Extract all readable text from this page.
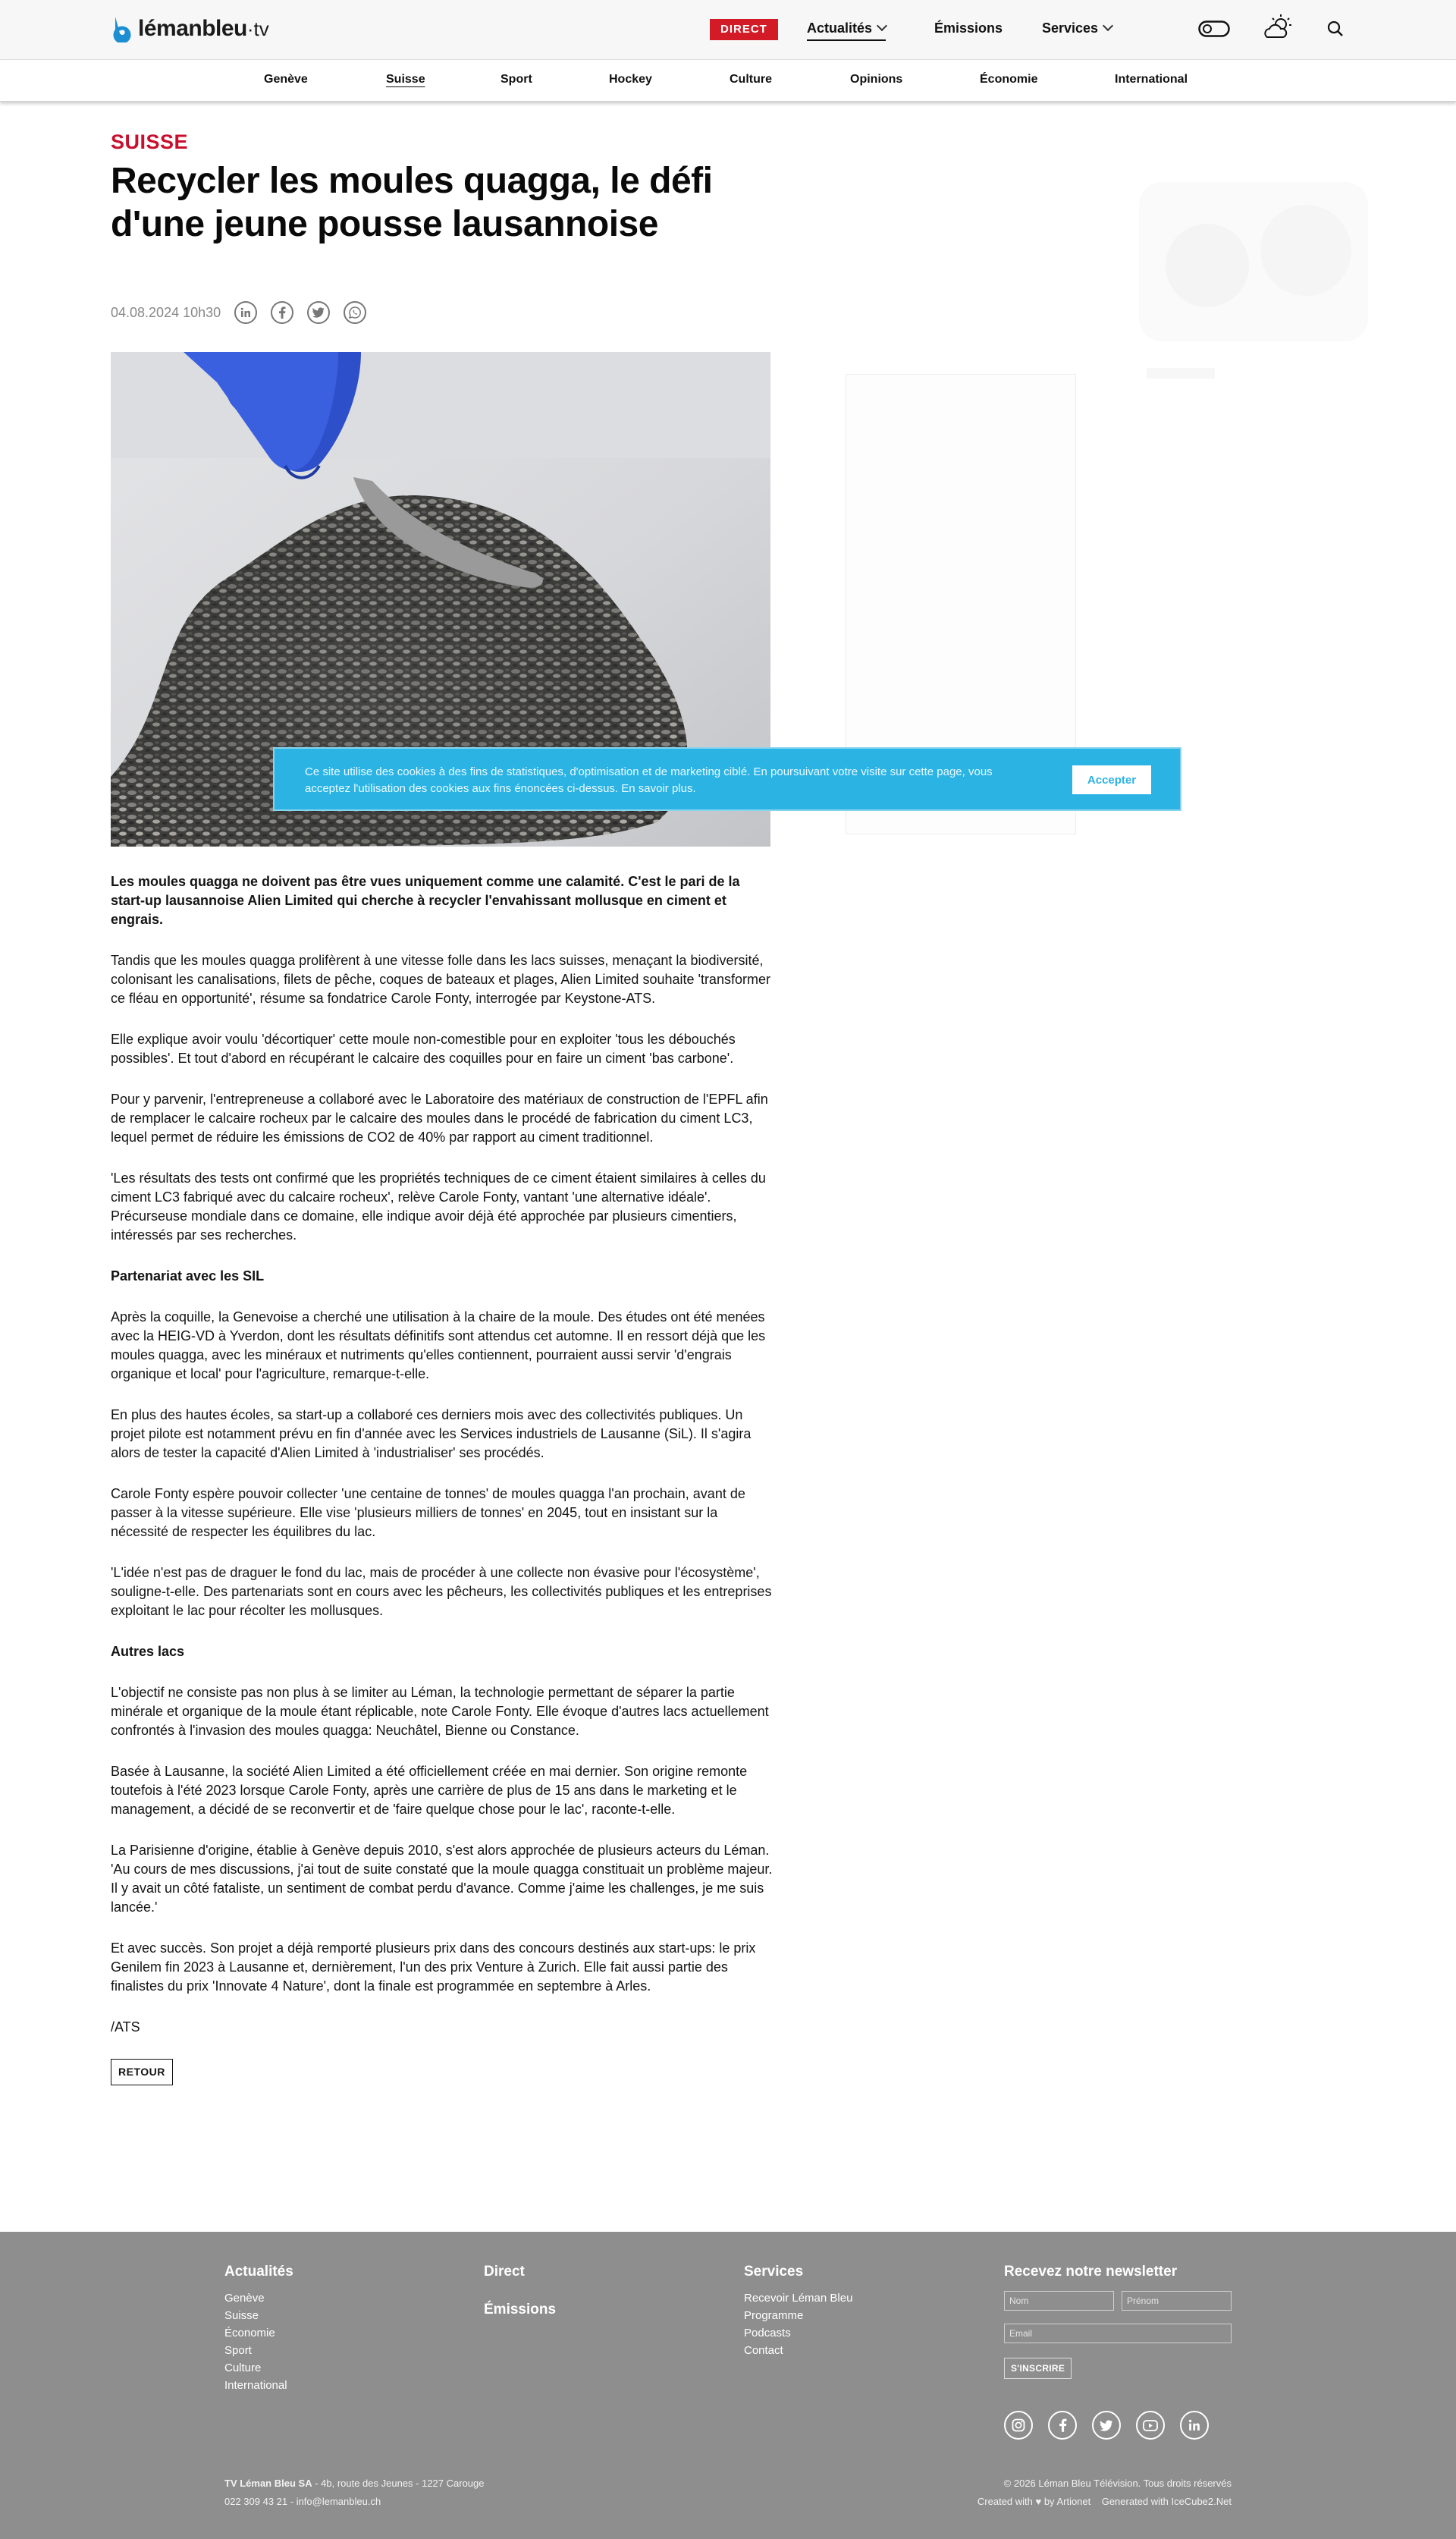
lémanbleu ·tv	DIRECT	Actualités	Émissions	Services
Genève	Suisse	Sport	Hockey	Culture	Opinions	Économie	International
SUISSE
Recycler les moules quagga, le défi d'une jeune pousse lausannoise
04.08.2024 10h30

Les moules quagga ne doivent pas être vues uniquement comme une calamité. C'est le pari de la start-up lausannoise Alien Limited qui cherche à recycler l'envahissant mollusque en ciment et engrais.

Tandis que les moules quagga prolifèrent à une vitesse folle dans les lacs suisses, menaçant la biodiversité, colonisant les canalisations, filets de pêche, coques de bateaux et plages, Alien Limited souhaite 'transformer ce fléau en opportunité', résume sa fondatrice Carole Fonty, interrogée par Keystone-ATS.

Elle explique avoir voulu 'décortiquer' cette moule non-comestible pour en exploiter 'tous les débouchés possibles'. Et tout d'abord en récupérant le calcaire des coquilles pour en faire un ciment 'bas carbone'.

Pour y parvenir, l'entrepreneuse a collaboré avec le Laboratoire des matériaux de construction de l'EPFL afin de remplacer le calcaire rocheux par le calcaire des moules dans le procédé de fabrication du ciment LC3, lequel permet de réduire les émissions de CO2 de 40% par rapport au ciment traditionnel.

'Les résultats des tests ont confirmé que les propriétés techniques de ce ciment étaient similaires à celles du ciment LC3 fabriqué avec du calcaire rocheux', relève Carole Fonty, vantant 'une alternative idéale'. Précurseuse mondiale dans ce domaine, elle indique avoir déjà été approchée par plusieurs cimentiers, intéressés par ses recherches.

Partenariat avec les SIL

Après la coquille, la Genevoise a cherché une utilisation à la chaire de la moule. Des études ont été menées avec la HEIG-VD à Yverdon, dont les résultats définitifs sont attendus cet automne. Il en ressort déjà que les moules quagga, avec les minéraux et nutriments qu'elles contiennent, pourraient aussi servir 'd'engrais organique et local' pour l'agriculture, remarque-t-elle.

En plus des hautes écoles, sa start-up a collaboré ces derniers mois avec des collectivités publiques. Un projet pilote est notamment prévu en fin d'année avec les Services industriels de Lausanne (SiL). Il s'agira alors de tester la capacité d'Alien Limited à 'industrialiser' ses procédés.

Carole Fonty espère pouvoir collecter 'une centaine de tonnes' de moules quagga l'an prochain, avant de passer à la vitesse supérieure. Elle vise 'plusieurs milliers de tonnes' en 2045, tout en insistant sur la nécessité de respecter les équilibres du lac.

'L'idée n'est pas de draguer le fond du lac, mais de procéder à une collecte non évasive pour l'écosystème', souligne-t-elle. Des partenariats sont en cours avec les pêcheurs, les collectivités publiques et les entreprises exploitant le lac pour récolter les mollusques.

Autres lacs

L'objectif ne consiste pas non plus à se limiter au Léman, la technologie permettant de séparer la partie minérale et organique de la moule étant réplicable, note Carole Fonty. Elle évoque d'autres lacs actuellement confrontés à l'invasion des moules quagga: Neuchâtel, Bienne ou Constance.

Basée à Lausanne, la société Alien Limited a été officiellement créée en mai dernier. Son origine remonte toutefois à l'été 2023 lorsque Carole Fonty, après une carrière de plus de 15 ans dans le marketing et le management, a décidé de se reconvertir et de 'faire quelque chose pour le lac', raconte-t-elle.

La Parisienne d'origine, établie à Genève depuis 2010, s'est alors approchée de plusieurs acteurs du Léman. 'Au cours de mes discussions, j'ai tout de suite constaté que la moule quagga constituait un problème majeur. Il y avait un côté fataliste, un sentiment de combat perdu d'avance. Comme j'aime les challenges, je me suis lancée.'

Et avec succès. Son projet a déjà remporté plusieurs prix dans des concours destinés aux start-ups: le prix Genilem fin 2023 à Lausanne et, dernièrement, l'un des prix Venture à Zurich. Elle fait aussi partie des finalistes du prix 'Innovate 4 Nature', dont la finale est programmée en septembre à Arles.

/ATS

RETOUR
Ce site utilise des cookies à des fins de statistiques, d'optimisation et de marketing ciblé. En poursuivant votre visite sur cette page, vous acceptez l'utilisation des cookies aux fins énoncées ci-dessus. En savoir plus.
Accepter
Actualités
Genève
Suisse
Économie
Sport
Culture
International
Direct
Émissions
Services
Recevoir Léman Bleu
Programme
Podcasts
Contact
Recevez notre newsletter
Nom
Prénom
Email
S'INSCRIRE
TV Léman Bleu SA - 4b, route des Jeunes - 1227 Carouge
022 309 43 21 - info@lemanbleu.ch
© 2026 Léman Bleu Télévision. Tous droits réservés
Created with ♥ by Artionet Generated with IceCube2.Net
